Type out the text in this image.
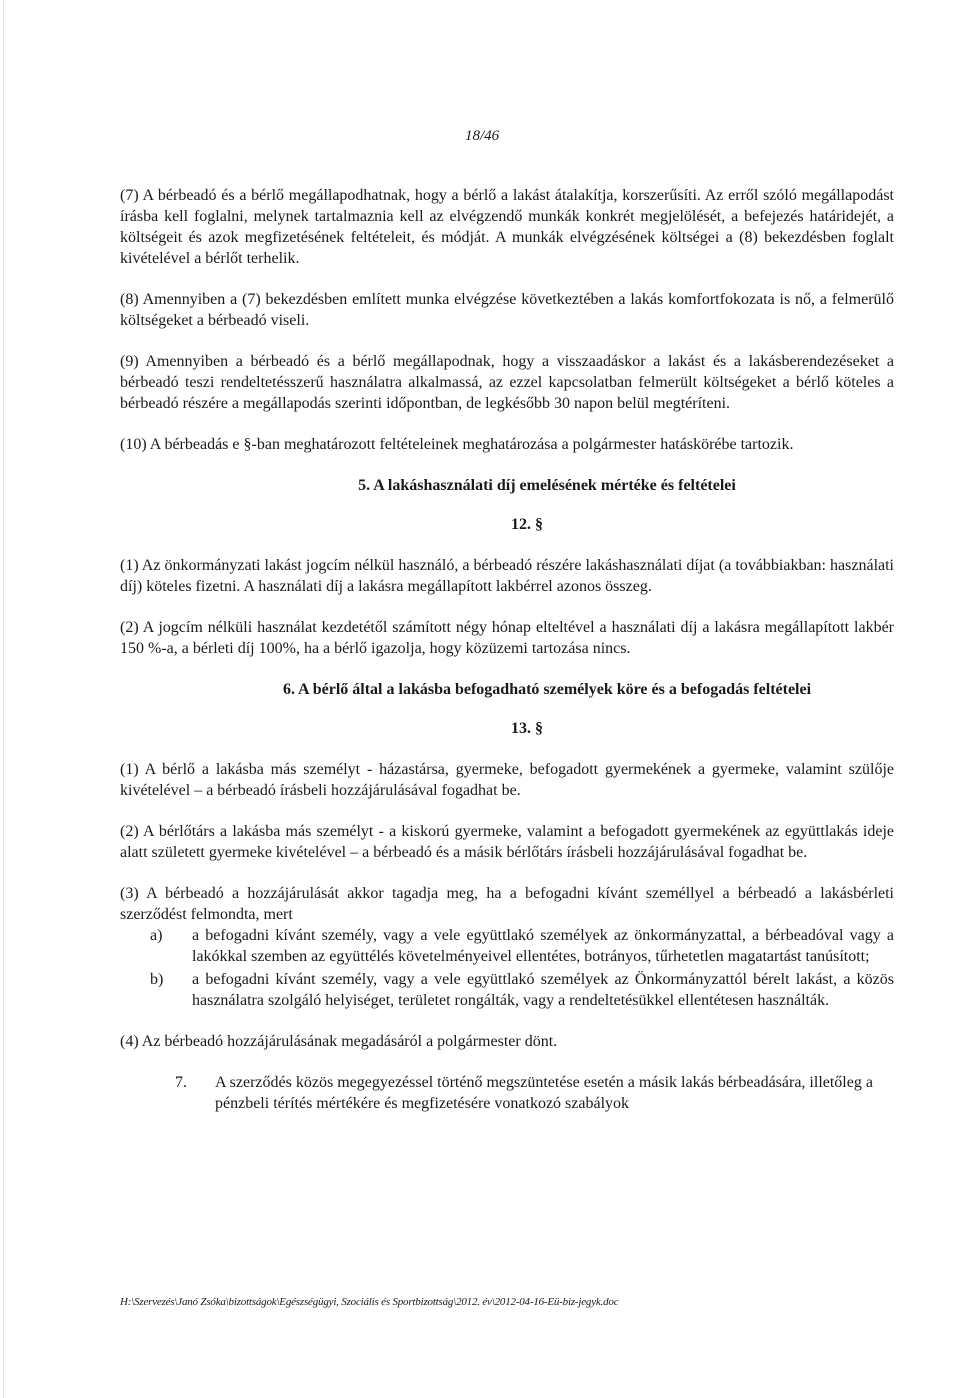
18/46

(7) A bérbeadó és a bérlő megállapodhatnak, hogy a bérlő a lakást átalakítja, korszerűsíti. Az erről szóló megállapodást írásba kell foglalni, melynek tartalmaznia kell az elvégzendő munkák konkrét megjelölését, a befejezés határidejét, a költségeit és azok megfizetésének feltételeit, és módját. A munkák elvégzésének költségei a (8) bekezdésben foglalt kivételével a bérlőt terhelik.

(8) Amennyiben a (7) bekezdésben említett munka elvégzése következtében a lakás komfortfokozata is nő, a felmerülő költségeket a bérbeadó viseli.

(9) Amennyiben a bérbeadó és a bérlő megállapodnak, hogy a visszaadáskor a lakást és a lakásberendezéseket a bérbeadó teszi rendeltetésszerű használatra alkalmassá, az ezzel kapcsolatban felmerült költségeket a bérlő köteles a bérbeadó részére a megállapodás szerinti időpontban, de legkésőbb 30 napon belül megtéríteni.

(10) A bérbeadás e §-ban meghatározott feltételeinek meghatározása a polgármester hatáskörébe tartozik.

5. A lakáshasználati díj emelésének mértéke és feltételei
12. §

(1) Az önkormányzati lakást jogcím nélkül használó, a bérbeadó részére lakáshasználati díjat (a továbbiakban: használati díj) köteles fizetni. A használati díj a lakásra megállapított lakbérrel azonos összeg.

(2) A jogcím nélküli használat kezdetétől számított négy hónap elteltével a használati díj a lakásra megállapított lakbér 150 %-a, a bérleti díj 100%, ha a bérlő igazolja, hogy közüzemi tartozása nincs.

6. A bérlő által a lakásba befogadható személyek köre és a befogadás feltételei
13. §

(1) A bérlő a lakásba más személyt - házastársa, gyermeke, befogadott gyermekének a gyermeke, valamint szülője kivételével – a bérbeadó írásbeli hozzájárulásával fogadhat be.

(2) A bérlőtárs a lakásba más személyt - a kiskorú gyermeke, valamint a befogadott gyermekének az együttlakás ideje alatt született gyermeke kivételével – a bérbeadó és a másik bérlőtárs írásbeli hozzájárulásával fogadhat be.

(3) A bérbeadó a hozzájárulását akkor tagadja meg, ha a befogadni kívánt személlyel a bérbeadó a lakásbérleti szerződést felmondta, mert

a)	a befogadni kívánt személy, vagy a vele együttlakó személyek az önkormányzattal, a bérbeadóval vagy a lakókkal szemben az együttélés követelményeivel ellentétes, botrányos, tűrhetetlen magatartást tanúsított;
b)	a befogadni kívánt személy, vagy a vele együttlakó személyek az Önkormányzattól bérelt lakást, a közös használatra szolgáló helyiséget, területet rongálták, vagy a rendeltetésükkel ellentétesen használták.

(4) Az bérbeadó hozzájárulásának megadásáról a polgármester dönt.

7.	A szerződés közös megegyezéssel történő megszüntetése esetén a másik lakás bérbeadására, illetőleg a pénzbeli térítés mértékére és megfizetésére vonatkozó szabályok
H:\Szervezés\Janó Zsóka\bizottságok\Egészségügyi, Szociális és Sportbizottság\2012. év\2012-04-16-Eü-biz-jegyk.doc
